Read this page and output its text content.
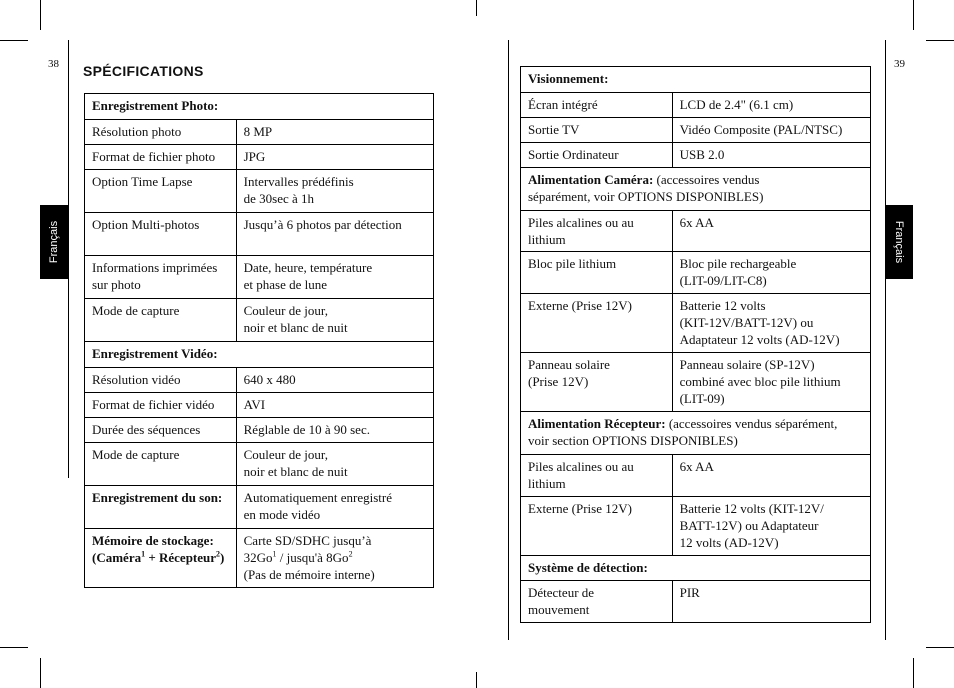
38	39
Français	Français
SPÉCIFICATIONS
Enregistrement Photo:	
Résolution photo	8 MP
Format de fichier photo	JPG
Option Time Lapse	Intervalles prédéfinis
de 30sec à 1h
Option Multi-photos	Jusqu’à 6 photos par détection
Informations imprimées sur photo	Date, heure, température
et phase de lune
Mode de capture	Couleur de jour,
noir et blanc de nuit
Enregistrement Vidéo:	
Résolution vidéo	640 x 480
Format de fichier vidéo	AVI
Durée des séquences	Réglable de 10 à 90 sec.
Mode de capture	Couleur de jour,
noir et blanc de nuit
Enregistrement du son:	Automatiquement enregistré
en mode vidéo
Mémoire de stockage:
(Caméra$^1$ + Récepteur$^2$)	Carte SD/SDHC jusqu’à
32Go$^1$ / jusqu'à 8Go$^2$
(Pas de mémoire interne)
Visionnement:	
Écran intégré	LCD de 2.4" (6.1 cm)
Sortie TV	Vidéo Composite (PAL/NTSC)
Sortie Ordinateur	USB 2.0
Alimentation Caméra: (accessoires vendus
séparément, voir OPTIONS DISPONIBLES)	
Piles alcalines ou au
lithium	6x AA
Bloc pile lithium	Bloc pile rechargeable
(LIT-09/LIT-C8)
Externe (Prise 12V)	Batterie 12 volts
(KIT-12V/BATT-12V) ou
Adaptateur 12 volts (AD-12V)
Panneau solaire
(Prise 12V)	Panneau solaire (SP-12V)
combiné avec bloc pile lithium
(LIT-09)
Alimentation Récepteur: (accessoires vendus séparément,
voir section OPTIONS DISPONIBLES)	
Piles alcalines ou au
lithium	6x AA
Externe (Prise 12V)	Batterie 12 volts (KIT-12V/
BATT-12V) ou Adaptateur
12 volts (AD-12V)
Système de détection:	
Détecteur de
mouvement	PIR
